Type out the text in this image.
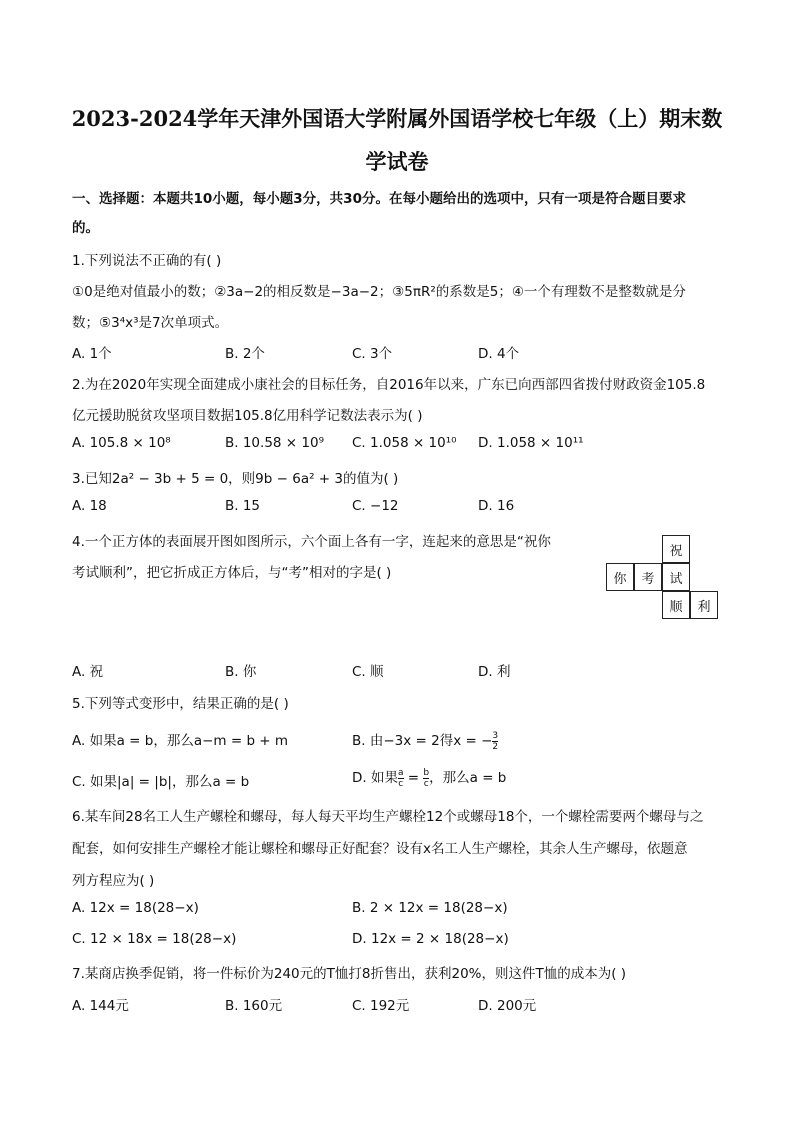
2023-2024学年天津外国语大学附属外国语学校七年级（上）期末数
学试卷
一、选择题：本题共10小题，每小题3分，共30分。在每小题给出的选项中，只有一项是符合题目要求
的。
1.下列说法不正确的有( )
①0是绝对值最小的数；②3a−2的相反数是−3a−2；③5πR²的系数是5；④一个有理数不是整数就是分
数；⑤3⁴x³是7次单项式。
A. 1个	B. 2个	C. 3个	D. 4个
2.为在2020年实现全面建成小康社会的目标任务，自2016年以来，广东已向西部四省拨付财政资金105.8
亿元援助脱贫攻坚项目数据105.8亿用科学记数法表示为( )
A. 105.8 × 10⁸	B. 10.58 × 10⁹ C. 1.058 × 10¹⁰ D. 1.058 × 10¹¹
3.已知2a² − 3b + 5 = 0，则9b − 6a² + 3的值为( )
A. 18	B. 15	C. −12	D. 16
4.一个正方体的表面展开图如图所示，六个面上各有一字，连起来的意思是“祝你
考试顺利”，把它折成正方体后，与“考”相对的字是( )
祝
你	考	试
顺	利
A. 祝	B. 你	C. 顺	D. 利
5.下列等式变形中，结果正确的是( )
A. 如果a = b，那么a−m = b + m	B. 由−3x = 2得x = − $\frac{3}{2}$
C. 如果|a| = |b|，那么a = b	D. 如果 $\frac{a}{c} = \frac{b}{c}$ ，那么a = b
6.某车间28名工人生产螺栓和螺母，每人每天平均生产螺栓12个或螺母18个，一个螺栓需要两个螺母与之
配套，如何安排生产螺栓才能让螺栓和螺母正好配套？设有x名工人生产螺栓，其余人生产螺母，依题意
列方程应为( )
A. 12x = 18(28−x)	B. 2 × 12x = 18(28−x)
C. 12 × 18x = 18(28−x)	D. 12x = 2 × 18(28−x)
7.某商店换季促销，将一件标价为240元的T恤打8折售出，获利20%，则这件T恤的成本为( )
A. 144元	B. 160元	C. 192元	D. 200元
